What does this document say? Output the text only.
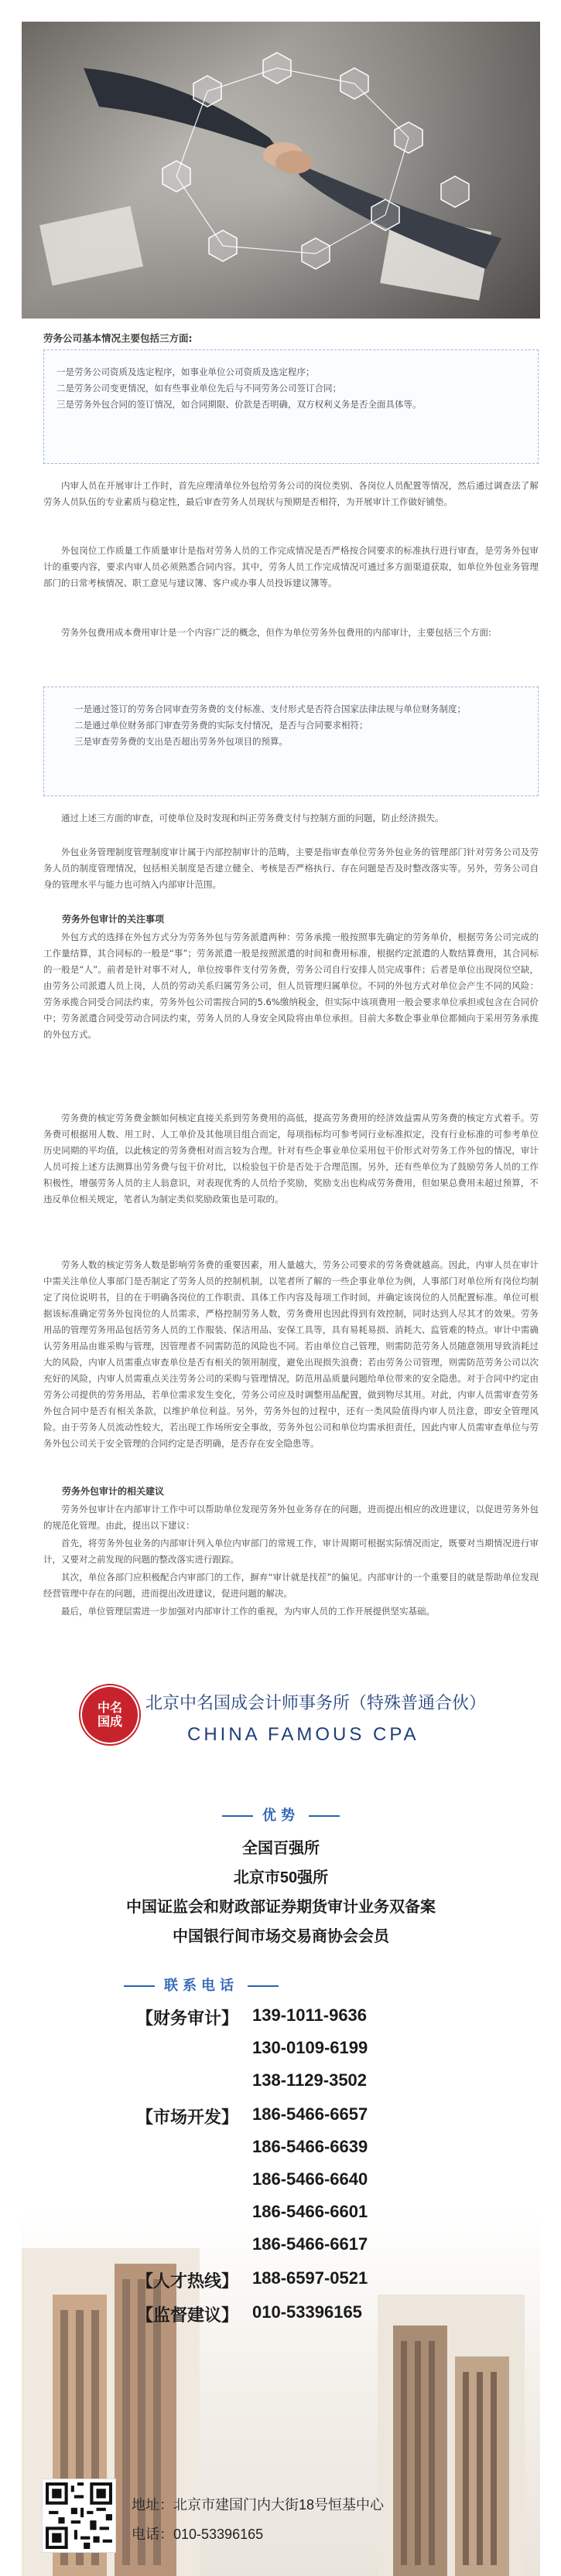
劳务公司基本情况主要包括三方面:

一是劳务公司资质及选定程序，如事业单位公司资质及选定程序；

二是劳务公司变更情况，如有些事业单位先后与不同劳务公司签订合同；

三是劳务外包合同的签订情况，如合同期限、价款是否明确，双方权利义务是否全面具体等。

内审人员在开展审计工作时，首先应理清单位外包给劳务公司的岗位类别、各岗位人员配置等情况，然后通过调查法了解劳务人员队伍的专业素质与稳定性，最后审查劳务人员现状与预期是否相符，为开展审计工作做好铺垫。

外包岗位工作质量工作质量审计是指对劳务人员的工作完成情况是否严格按合同要求的标准执行进行审查，是劳务外包审计的重要内容，要求内审人员必须熟悉合同内容。其中，劳务人员工作完成情况可通过多方面渠道获取，如单位外包业务管理部门的日常考核情况、职工意见与建议簿、客户或办事人员投诉建议簿等。

劳务外包费用成本费用审计是一个内容广泛的概念，但作为单位劳务外包费用的内部审计，主要包括三个方面:

一是通过签订的劳务合同审查劳务费的支付标准、支付形式是否符合国家法律法规与单位财务制度；

二是通过单位财务部门审查劳务费的实际支付情况，是否与合同要求相符；

三是审查劳务费的支出是否超出劳务外包项目的预算。

通过上述三方面的审查，可使单位及时发现和纠正劳务费支付与控制方面的问题，防止经济损失。

外包业务管理制度管理制度审计属于内部控制审计的范畴，主要是指审查单位劳务外包业务的管理部门针对劳务公司及劳务人员的制度管理情况，包括相关制度是否建立健全、考核是否严格执行、存在问题是否及时整改落实等。另外，劳务公司自身的管理水平与能力也可纳入内部审计范围。

劳务外包审计的关注事项

外包方式的选择在外包方式分为劳务外包与劳务派遣两种：劳务承揽一般按照事先确定的劳务单价，根据劳务公司完成的工作量结算，其合同标的一般是“事”；劳务派遣一般是按照派遣的时间和费用标准，根据约定派遣的人数结算费用，其合同标的一般是“人”。前者是针对事不对人，单位按事件支付劳务费，劳务公司自行安排人员完成事件；后者是单位出现岗位空缺，由劳务公司派遣人员上岗，人员的劳动关系归属劳务公司，但人员管理归属单位。不同的外包方式对单位会产生不同的风险：劳务承揽合同受合同法约束，劳务外包公司需按合同的5.6%缴纳税金，但实际中该项费用一般会要求单位承担或包含在合同价中；劳务派遣合同受劳动合同法约束，劳务人员的人身安全风险将由单位承担。目前大多数企事业单位都倾向于采用劳务承揽的外包方式。

劳务费的核定劳务费金额如何核定直接关系到劳务费用的高低，提高劳务费用的经济效益需从劳务费的核定方式着手。劳务费可根据用人数、用工时、人工单价及其他项目组合而定，每项指标均可参考同行业标准拟定，没有行业标准的可参考单位历史同期的平均值，以此核定的劳务费相对而言较为合理。针对有些企事业单位采用包干价形式对劳务工作外包的情况，审计人员可按上述方法测算出劳务费与包干价对比，以检验包干价是否处于合理范围。另外，还有些单位为了鼓励劳务人员的工作积极性，增强劳务人员的主人翁意识，对表现优秀的人员给予奖励，奖励支出也构成劳务费用，但如果总费用未超过预算，不违反单位相关规定，笔者认为制定类似奖励政策也是可取的。

劳务人数的核定劳务人数是影响劳务费的重要因素，用人量越大，劳务公司要求的劳务费就越高。因此，内审人员在审计中需关注单位人事部门是否制定了劳务人员的控制机制，以笔者所了解的一些企事业单位为例，人事部门对单位所有岗位均制定了岗位说明书，目的在于明确各岗位的工作职责、具体工作内容及每项工作时间，并确定该岗位的人员配置标准。单位可根据该标准确定劳务外包岗位的人员需求，严格控制劳务人数，劳务费用也因此得到有效控制，同时达到人尽其才的效果。劳务用品的管理劳务用品包括劳务人员的工作服装、保洁用品、安保工具等，具有易耗易损、消耗大、监管难的特点。审计中需确认劳务用品由谁采购与管理，因管理者不同需防范的风险也不同。若由单位自己管理，则需防范劳务人员随意领用导致消耗过大的风险，内审人员需重点审查单位是否有相关的领用制度，避免出现损失浪费；若由劳务公司管理，则需防范劳务公司以次充好的风险，内审人员需重点关注劳务公司的采购与管理情况，防范用品质量问题给单位带来的安全隐患。对于合同中约定由劳务公司提供的劳务用品，若单位需求发生变化，劳务公司应及时调整用品配置，做到物尽其用。对此，内审人员需审查劳务外包合同中是否有相关条款，以维护单位利益。另外，劳务外包的过程中，还有一类风险值得内审人员注意，即安全管理风险。由于劳务人员流动性较大，若出现工作场所安全事故，劳务外包公司和单位均需承担责任，因此内审人员需审查单位与劳务外包公司关于安全管理的合同约定是否明确，是否存在安全隐患等。

劳务外包审计的相关建议

劳务外包审计在内部审计工作中可以帮助单位发现劳务外包业务存在的问题，进而提出相应的改进建议，以促进劳务外包的规范化管理。由此，提出以下建议：

首先，将劳务外包业务的内部审计列入单位内审部门的常规工作，审计周期可根据实际情况而定，既要对当期情况进行审计，又要对之前发现的问题的整改落实进行跟踪。

其次，单位各部门应积极配合内审部门的工作，摒弃“审计就是找茬”的偏见。内部审计的一个重要目的就是帮助单位发现经营管理中存在的问题，进而提出改进建议，促进问题的解决。

最后，单位管理层需进一步加强对内部审计工作的重视，为内审人员的工作开展提供坚实基础。

中名国成
北京中名国成会计师事务所（特殊普通合伙）
CHINA FAMOUS CPA
优势
全国百强所
北京市50强所
中国证监会和财政部证券期货审计业务双备案
中国银行间市场交易商协会会员
联系电话
【财务审计】 139-1011-9636
130-0109-6199
138-1129-3502
【市场开发】 186-5466-6657
186-5466-6639
186-5466-6640
186-5466-6601
186-5466-6617
【人才热线】 188-6597-0521
【监督建议】 010-53396165
地址：北京市建国门内大街18号恒基中心
电话：010-53396165
